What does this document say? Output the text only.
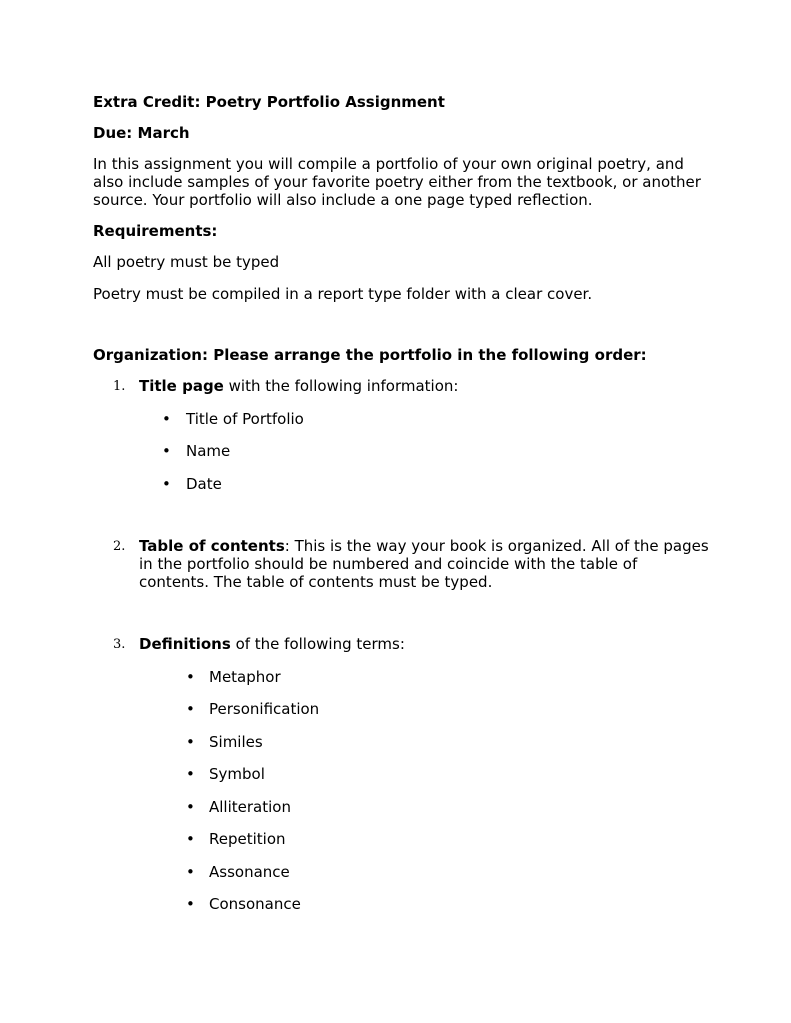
Extra Credit: Poetry Portfolio Assignment
Due: March
In this assignment you will compile a portfolio of your own original poetry, and also include samples of your favorite poetry either from the textbook, or another source. Your portfolio will also include a one page typed reflection.
Requirements:
All poetry must be typed
Poetry must be compiled in a report type folder with a clear cover.
Organization: Please arrange the portfolio in the following order:
1. Title page with the following information:
• Title of Portfolio
• Name
• Date
2. Table of contents: This is the way your book is organized. All of the pages in the portfolio should be numbered and coincide with the table of contents. The table of contents must be typed.
3. Definitions of the following terms:
• Metaphor
• Personification
• Similes
• Symbol
• Alliteration
• Repetition
• Assonance
• Consonance
